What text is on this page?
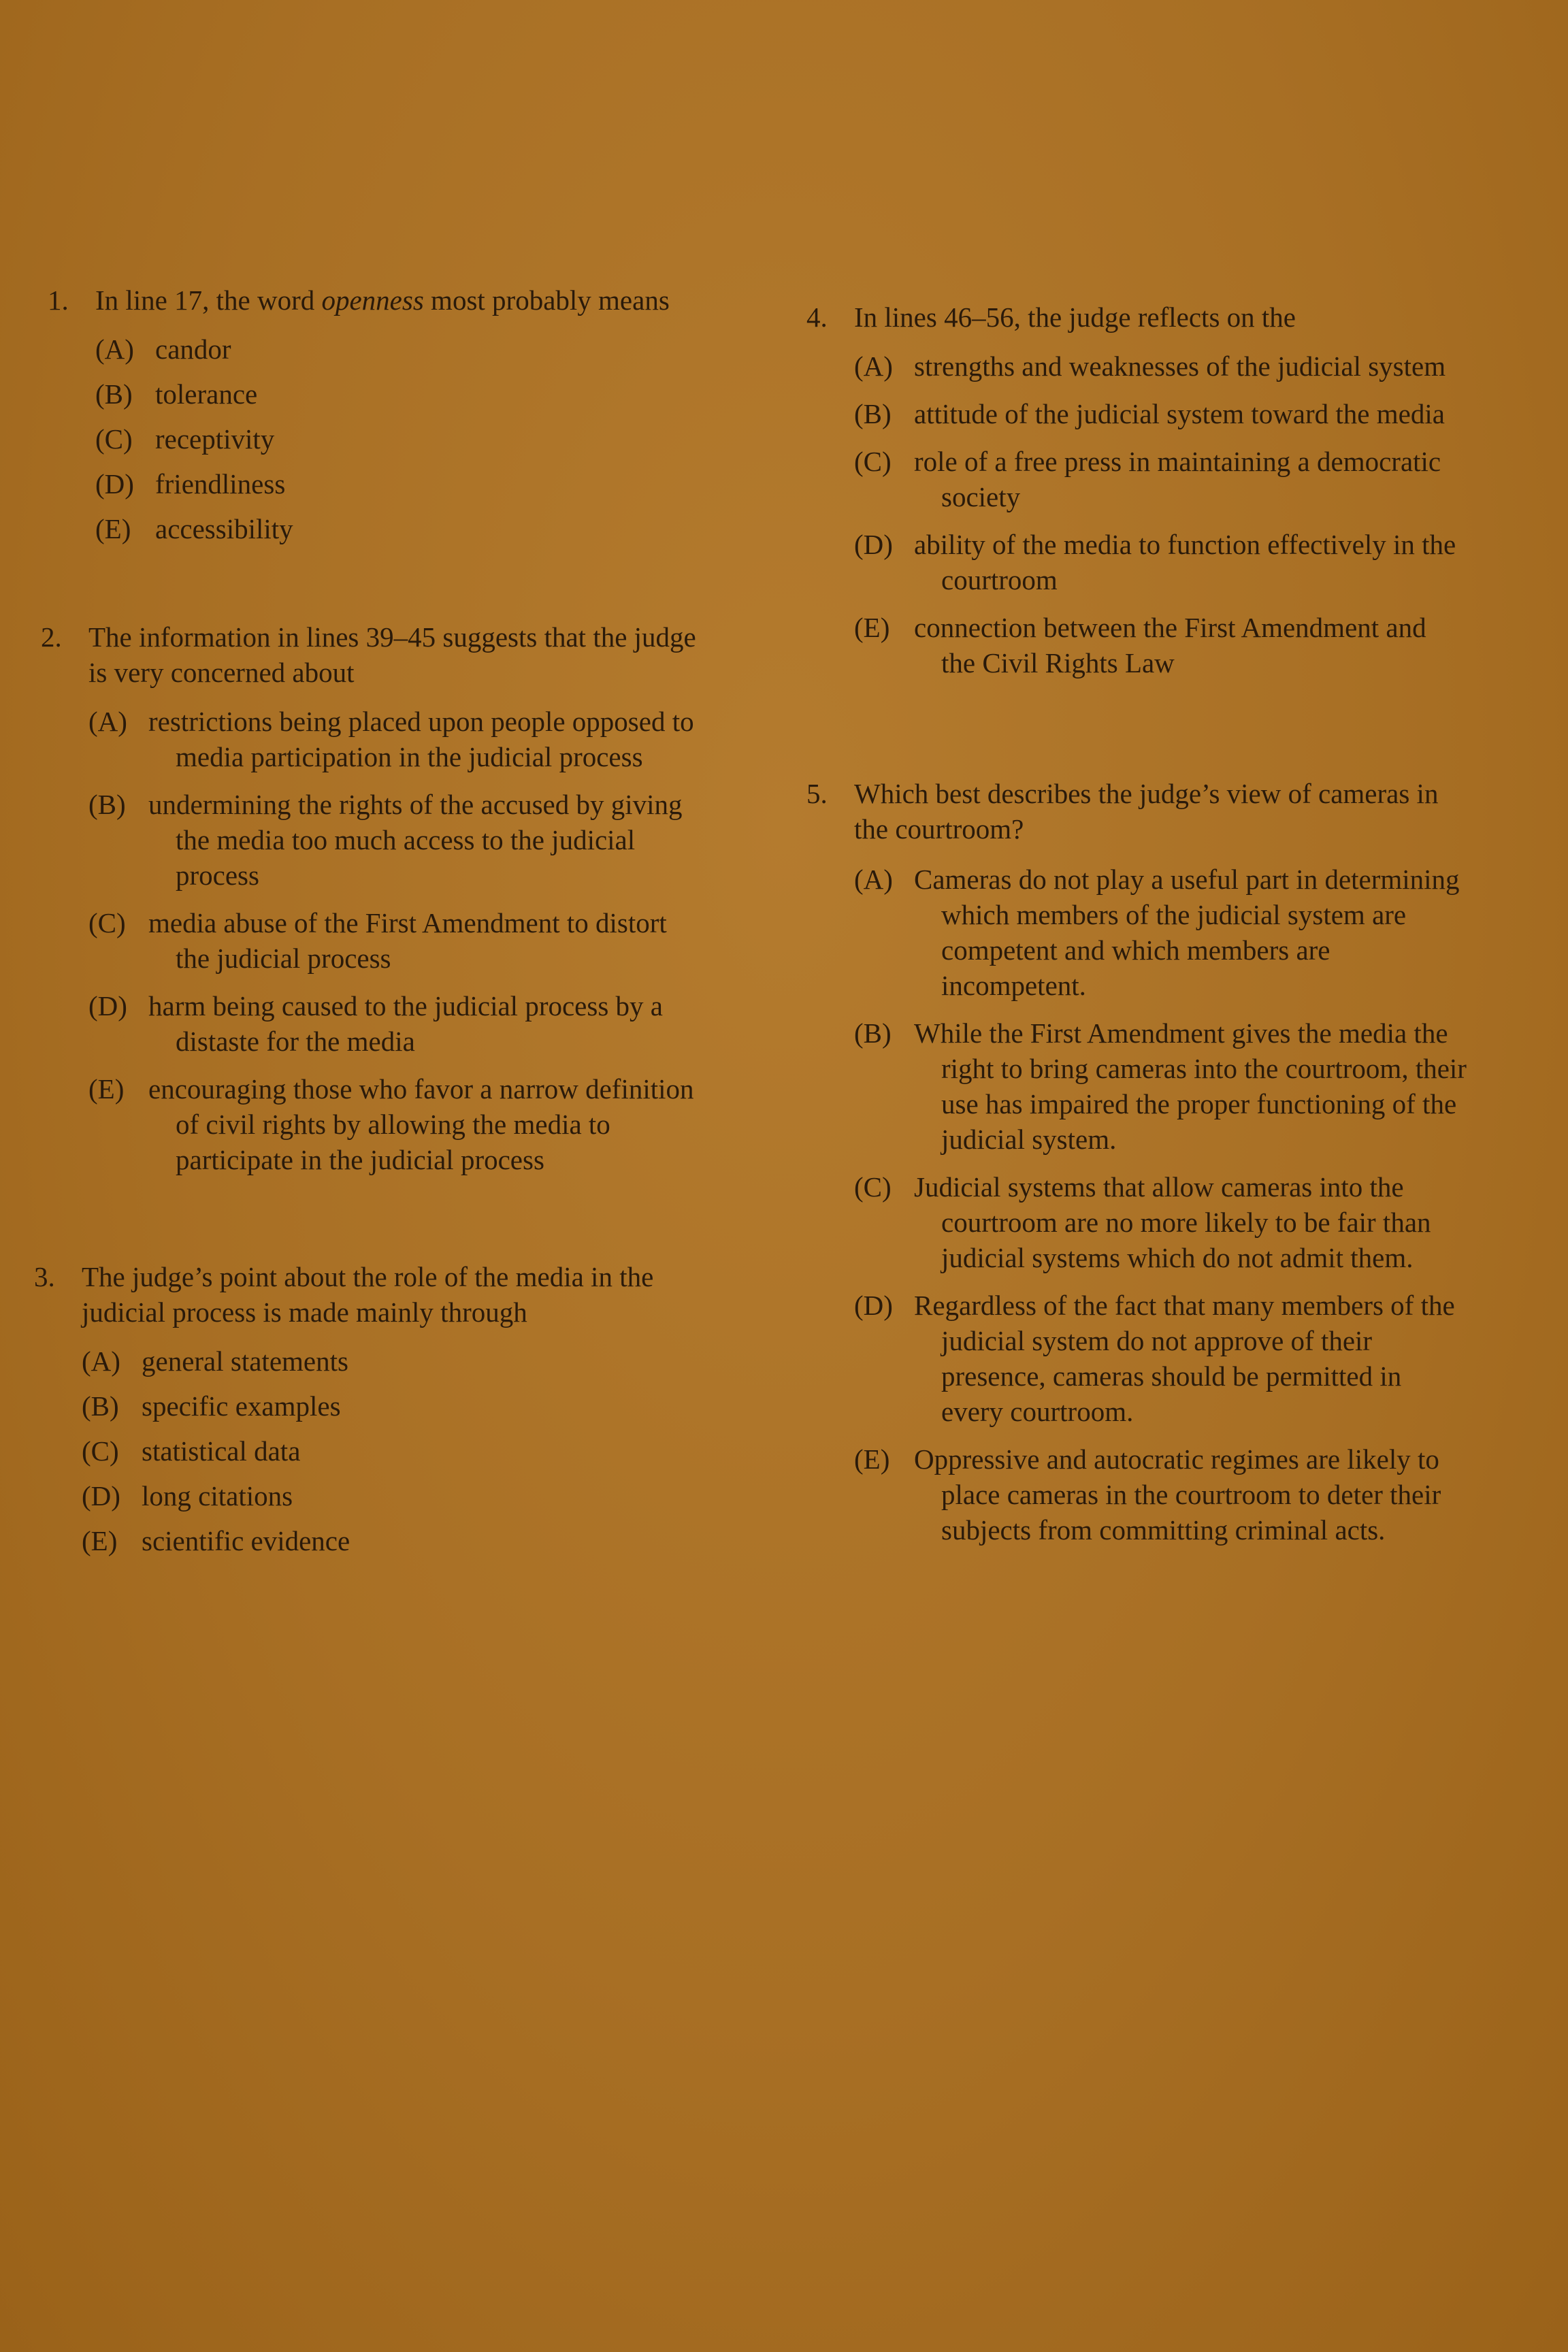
1. In line 17, the word openness most probably means
(A) candor
(B) tolerance
(C) receptivity
(D) friendliness
(E) accessibility
2. The information in lines 39–45 suggests that the judge is very concerned about
(A) restrictions being placed upon people opposed to media participation in the judicial process
(B) undermining the rights of the accused by giving the media too much access to the judicial process
(C) media abuse of the First Amendment to distort the judicial process
(D) harm being caused to the judicial process by a distaste for the media
(E) encouraging those who favor a narrow definition of civil rights by allowing the media to participate in the judicial process
3. The judge’s point about the role of the media in the judicial process is made mainly through
(A) general statements
(B) specific examples
(C) statistical data
(D) long citations
(E) scientific evidence
4. In lines 46–56, the judge reflects on the
(A) strengths and weaknesses of the judicial system
(B) attitude of the judicial system toward the media
(C) role of a free press in maintaining a democratic society
(D) ability of the media to function effectively in the courtroom
(E) connection between the First Amendment and the Civil Rights Law
5. Which best describes the judge’s view of cameras in the courtroom?
(A) Cameras do not play a useful part in determining which members of the judicial system are competent and which members are incompetent.
(B) While the First Amendment gives the media the right to bring cameras into the courtroom, their use has impaired the proper functioning of the judicial system.
(C) Judicial systems that allow cameras into the courtroom are no more likely to be fair than judicial systems which do not admit them.
(D) Regardless of the fact that many members of the judicial system do not approve of their presence, cameras should be permitted in every courtroom.
(E) Oppressive and autocratic regimes are likely to place cameras in the courtroom to deter their subjects from committing criminal acts.
